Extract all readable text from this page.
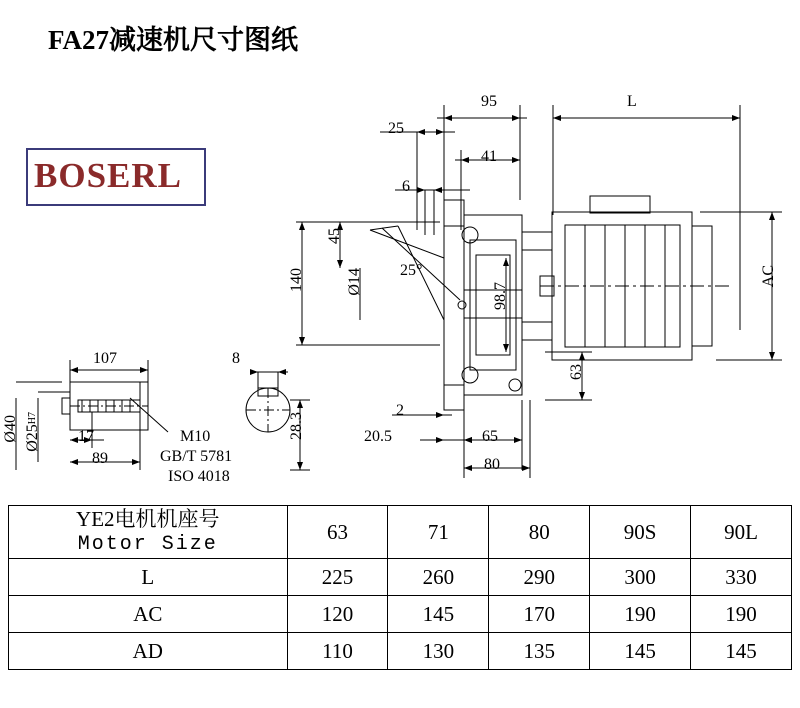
FA27减速机尺寸图纸
BOSERL
95	L
25
41
6
45
140	Ø14 25°
98.7
AC
63
2
20.5	65
80
107	8
17
89
Ø40 Ø25H7	28.3
M10
GB/T 5781
ISO 4018
YE2电机机座号
Motor Size	63	71	80	90S	90L
L	225	260	290	300	330
AC	120	145	170	190	190
AD	110	130	135	145	145
